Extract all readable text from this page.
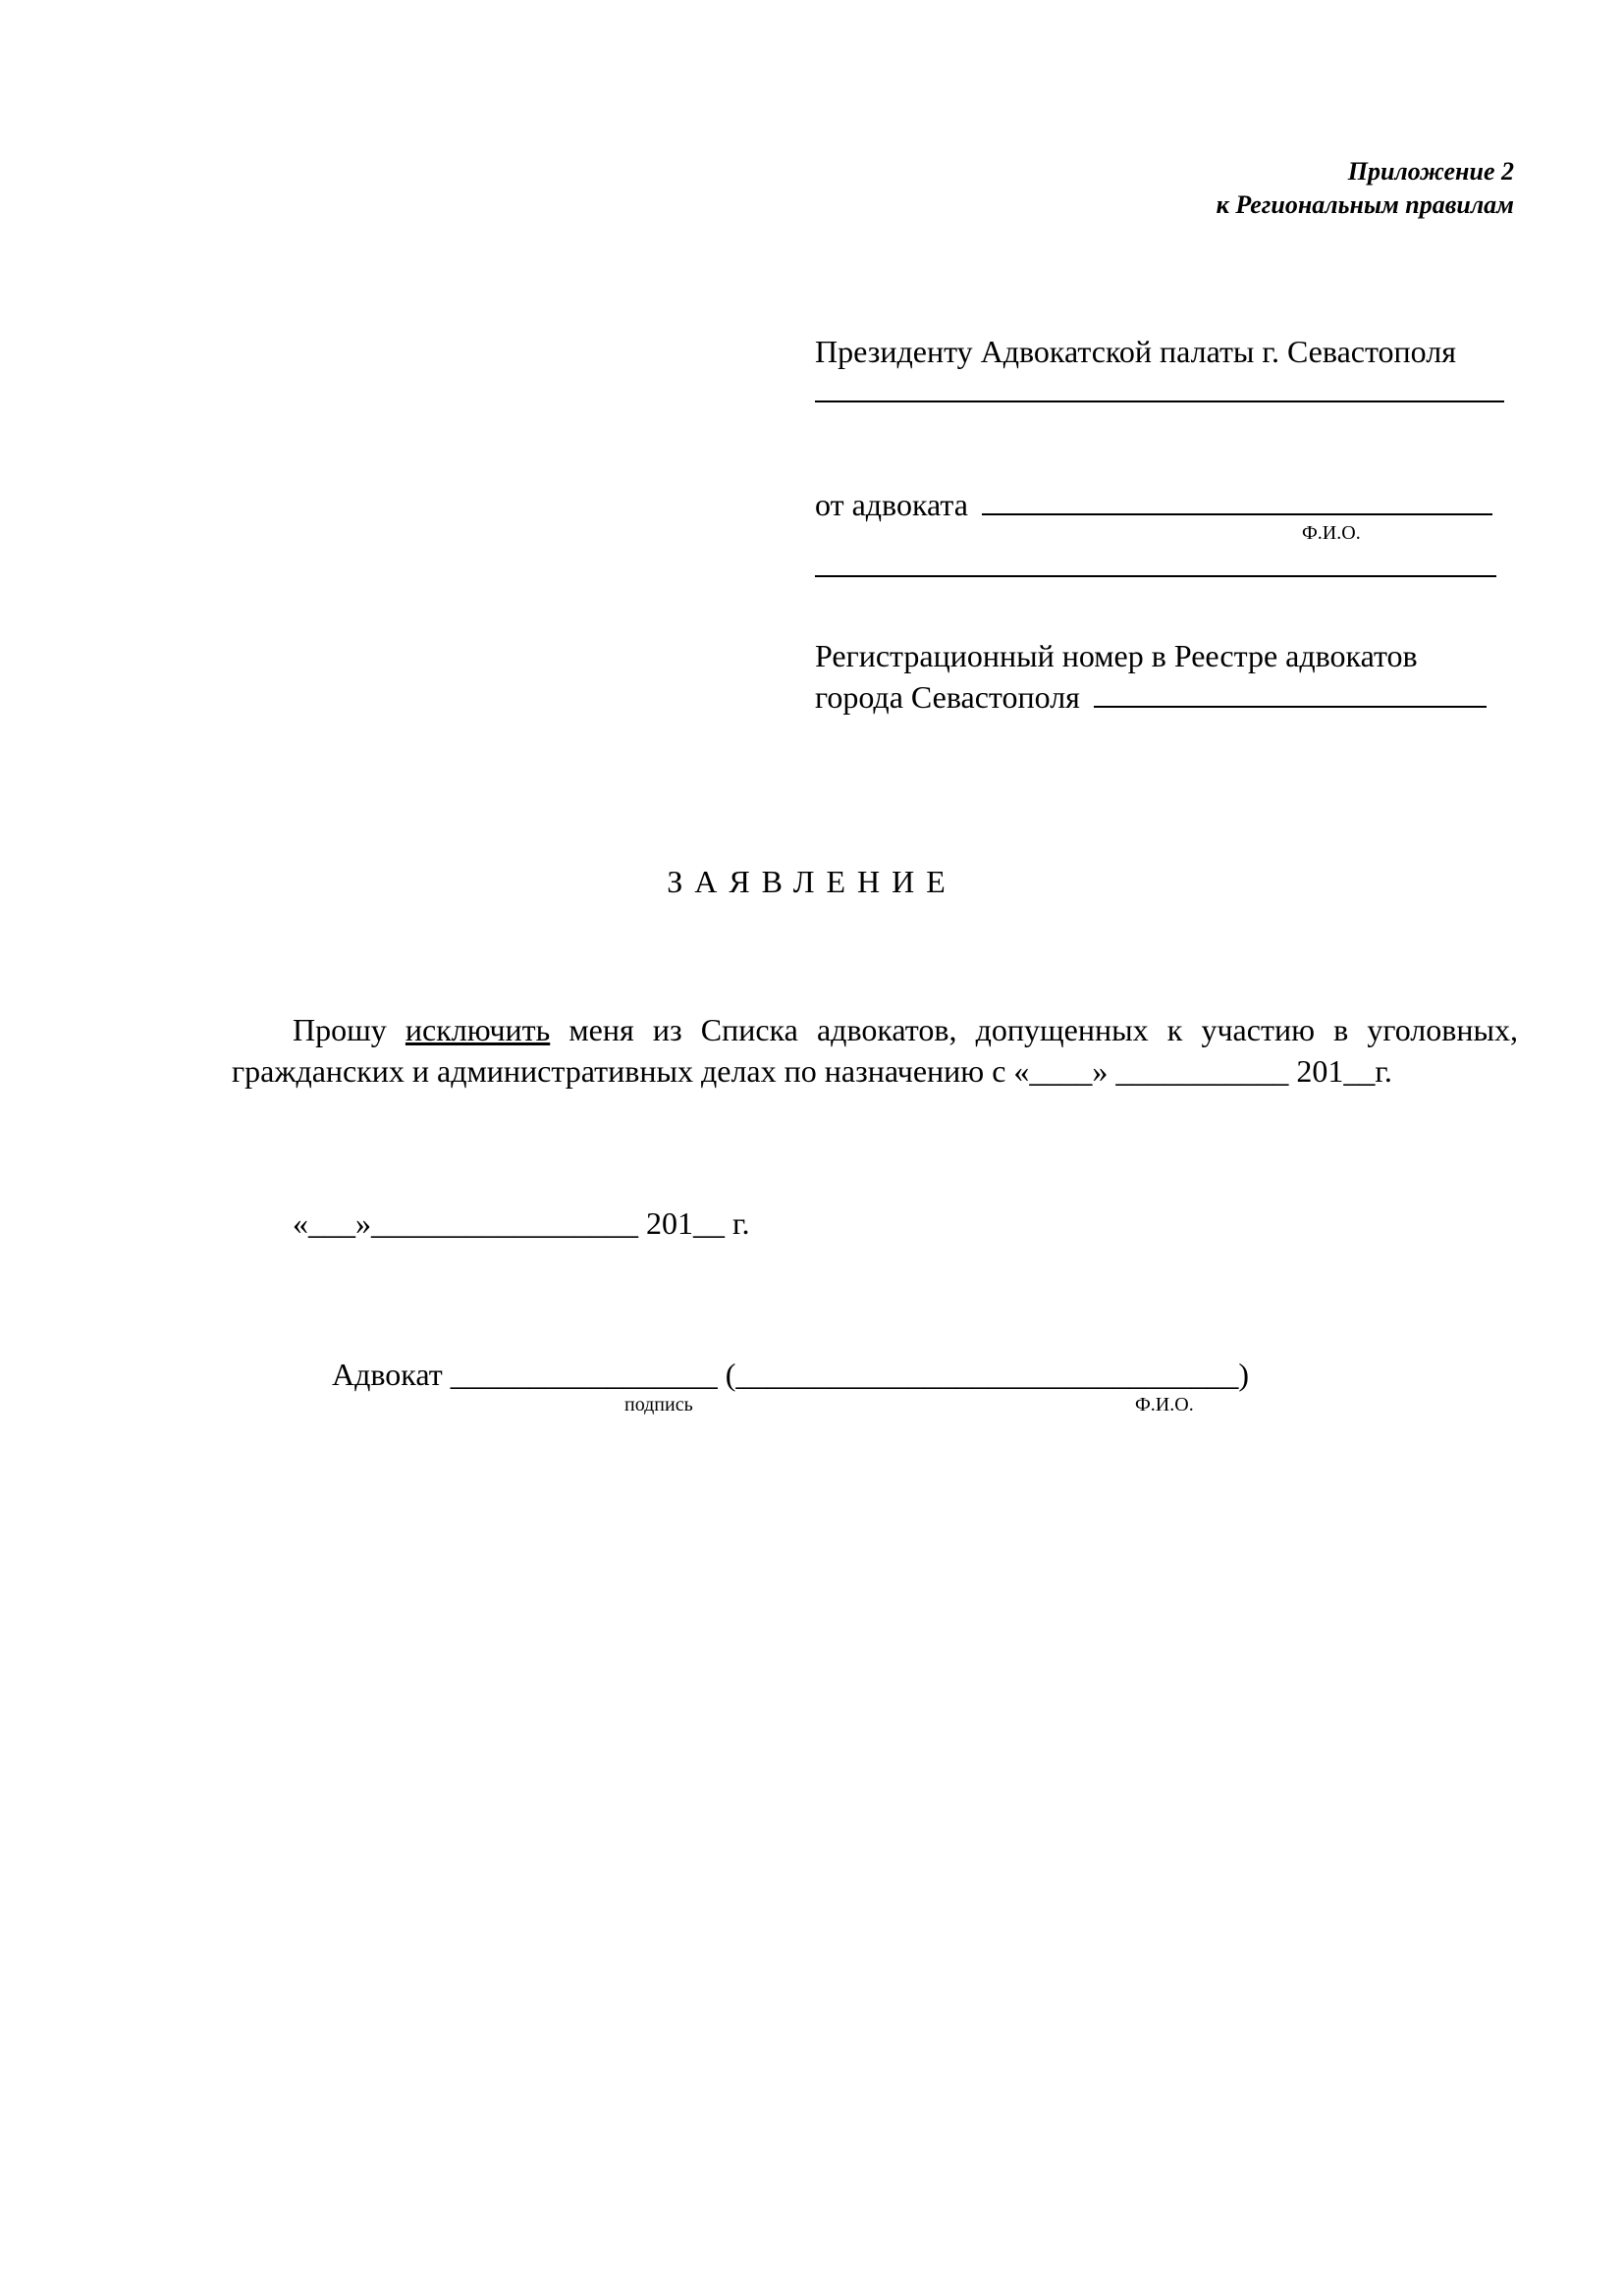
Приложение 2
к Региональным правилам
Президенту Адвокатской палаты г. Севастополя
от адвоката
Ф.И.О.
Регистрационный номер в Реестре адвокатов
города Севастополя
ЗАЯВЛЕНИЕ
Прошу исключить меня из Списка адвокатов, допущенных к участию в уголовных, гражданских и административных делах по назначению с «____» ___________ 201__г.
«___»_________________ 201__ г.
Адвокат _________________ (________________________________)
подпись	Ф.И.О.
